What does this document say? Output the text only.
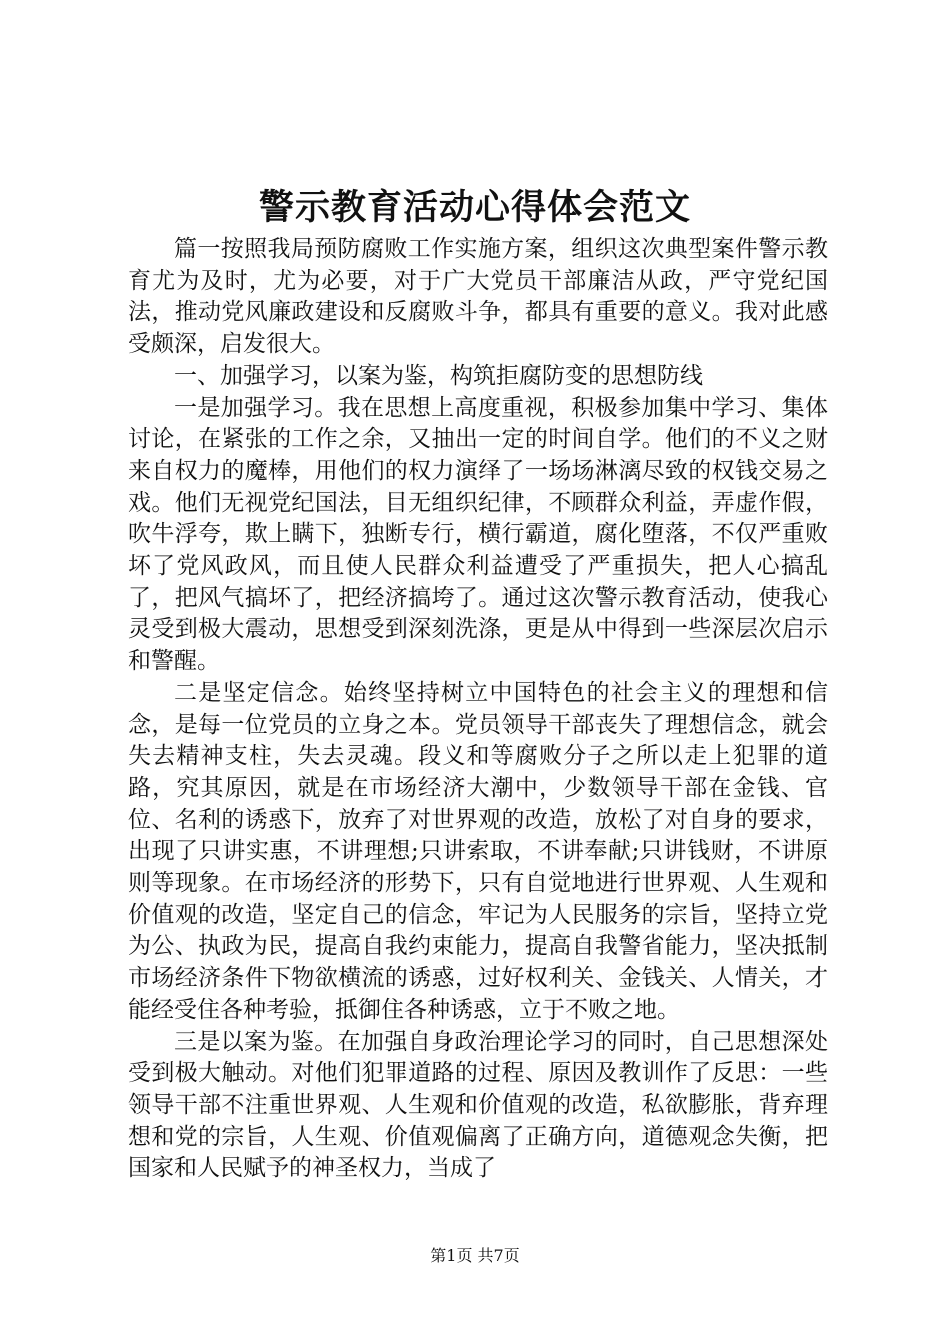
警示教育活动心得体会范文

篇一按照我局预防腐败工作实施方案，组织这次典型案件警示教育尤为及时，尤为必要，对于广大党员干部廉洁从政，严守党纪国法，推动党风廉政建设和反腐败斗争，都具有重要的意义。我对此感受颇深，启发很大。

一、加强学习，以案为鉴，构筑拒腐防变的思想防线

一是加强学习。我在思想上高度重视，积极参加集中学习、集体讨论，在紧张的工作之余，又抽出一定的时间自学。他们的不义之财来自权力的魔棒，用他们的权力演绎了一场场淋漓尽致的权钱交易之戏。他们无视党纪国法，目无组织纪律，不顾群众利益，弄虚作假，吹牛浮夸，欺上瞒下，独断专行，横行霸道，腐化堕落，不仅严重败坏了党风政风，而且使人民群众利益遭受了严重损失，把人心搞乱了，把风气搞坏了，把经济搞垮了。通过这次警示教育活动，使我心灵受到极大震动，思想受到深刻洗涤，更是从中得到一些深层次启示和警醒。

二是坚定信念。始终坚持树立中国特色的社会主义的理想和信念，是每一位党员的立身之本。党员领导干部丧失了理想信念，就会失去精神支柱，失去灵魂。段义和等腐败分子之所以走上犯罪的道路，究其原因，就是在市场经济大潮中，少数领导干部在金钱、官位、名利的诱惑下，放弃了对世界观的改造，放松了对自身的要求，出现了只讲实惠，不讲理想;只讲索取，不讲奉献;只讲钱财，不讲原则等现象。在市场经济的形势下，只有自觉地进行世界观、人生观和价值观的改造，坚定自己的信念，牢记为人民服务的宗旨，坚持立党为公、执政为民，提高自我约束能力，提高自我警省能力，坚决抵制市场经济条件下物欲横流的诱惑，过好权利关、金钱关、人情关，才能经受住各种考验，抵御住各种诱惑，立于不败之地。

三是以案为鉴。在加强自身政治理论学习的同时，自己思想深处受到极大触动。对他们犯罪道路的过程、原因及教训作了反思：一些领导干部不注重世界观、人生观和价值观的改造，私欲膨胀，背弃理想和党的宗旨，人生观、价值观偏离了正确方向，道德观念失衡，把国家和人民赋予的神圣权力，当成了

第1页 共7页
